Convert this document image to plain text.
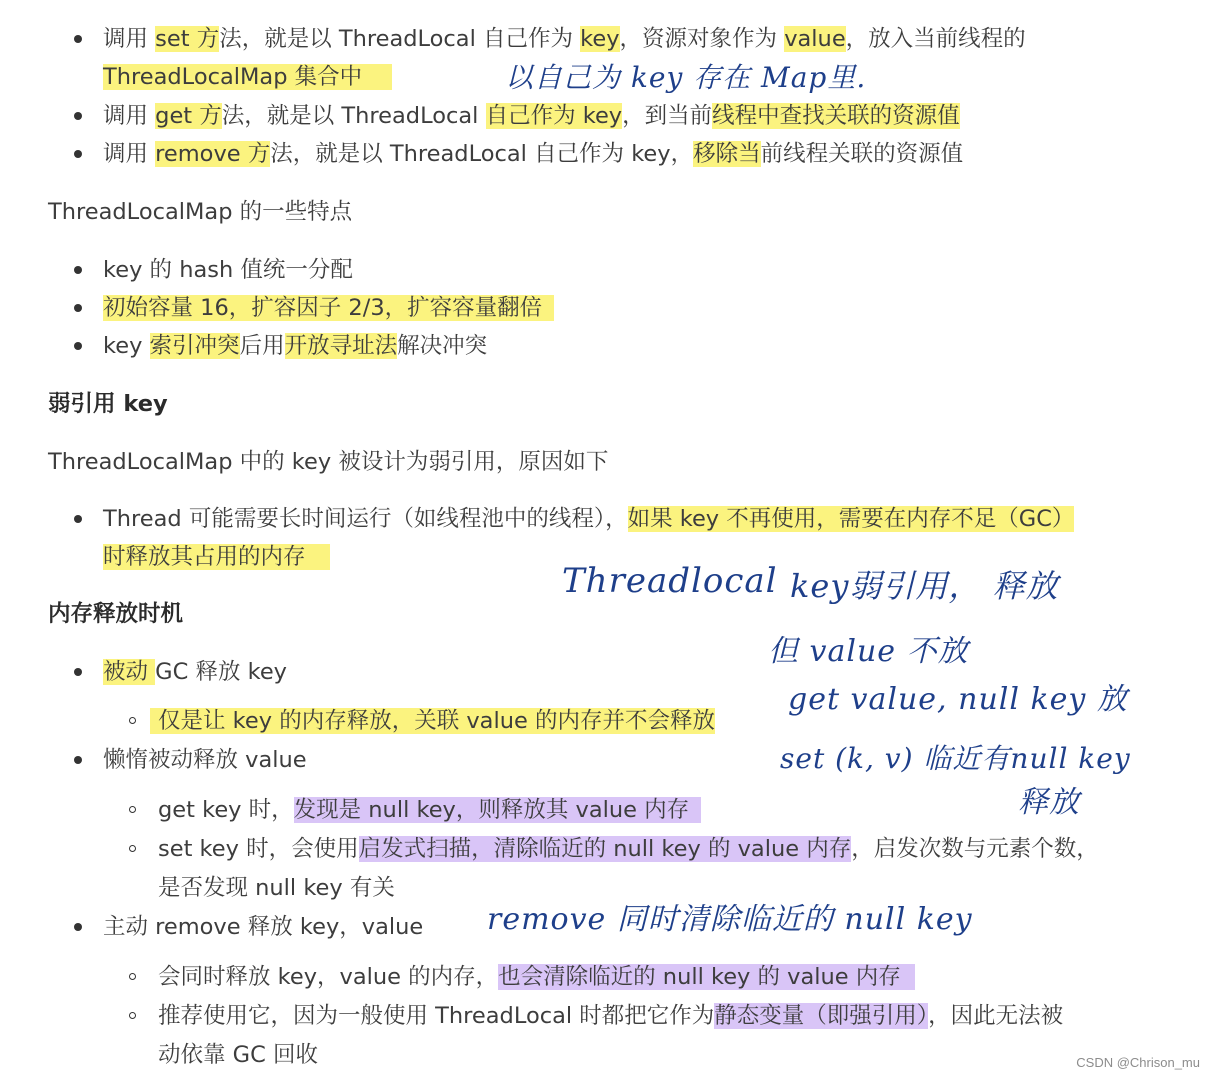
调用 set 方法，就是以 ThreadLocal 自己作为 key，资源对象作为 value，放入当前线程的
ThreadLocalMap 集合中
调用 get 方法，就是以 ThreadLocal 自己作为 key，到当前线程中查找关联的资源值
调用 remove 方法，就是以 ThreadLocal 自己作为 key，移除当前线程关联的资源值
ThreadLocalMap 的一些特点
key 的 hash 值统一分配
初始容量 16，扩容因子 2/3，扩容容量翻倍
key 索引冲突后用开放寻址法解决冲突
弱引用 key
ThreadLocalMap 中的 key 被设计为弱引用，原因如下
Thread 可能需要长时间运行（如线程池中的线程），如果 key 不再使用，需要在内存不足（GC）
时释放其占用的内存
内存释放时机
被动 GC 释放 key
仅是让 key 的内存释放，关联 value 的内存并不会释放
懒惰被动释放 value
get key 时，发现是 null key，则释放其 value 内存
set key 时，会使用启发式扫描，清除临近的 null key 的 value 内存，启发次数与元素个数，
是否发现 null key 有关
主动 remove 释放 key，value
会同时释放 key，value 的内存，也会清除临近的 null key 的 value 内存
推荐使用它，因为一般使用 ThreadLocal 时都把它作为静态变量（即强引用），因此无法被
动依靠 GC 回收
以自己为 key 存在 Map里.
Threadlocal key弱引用， 释放
但 value 不放
get value, null key 放
set (k, v) 临近有null key
释放
remove 同时清除临近的 null key
CSDN @Chrison_mu
